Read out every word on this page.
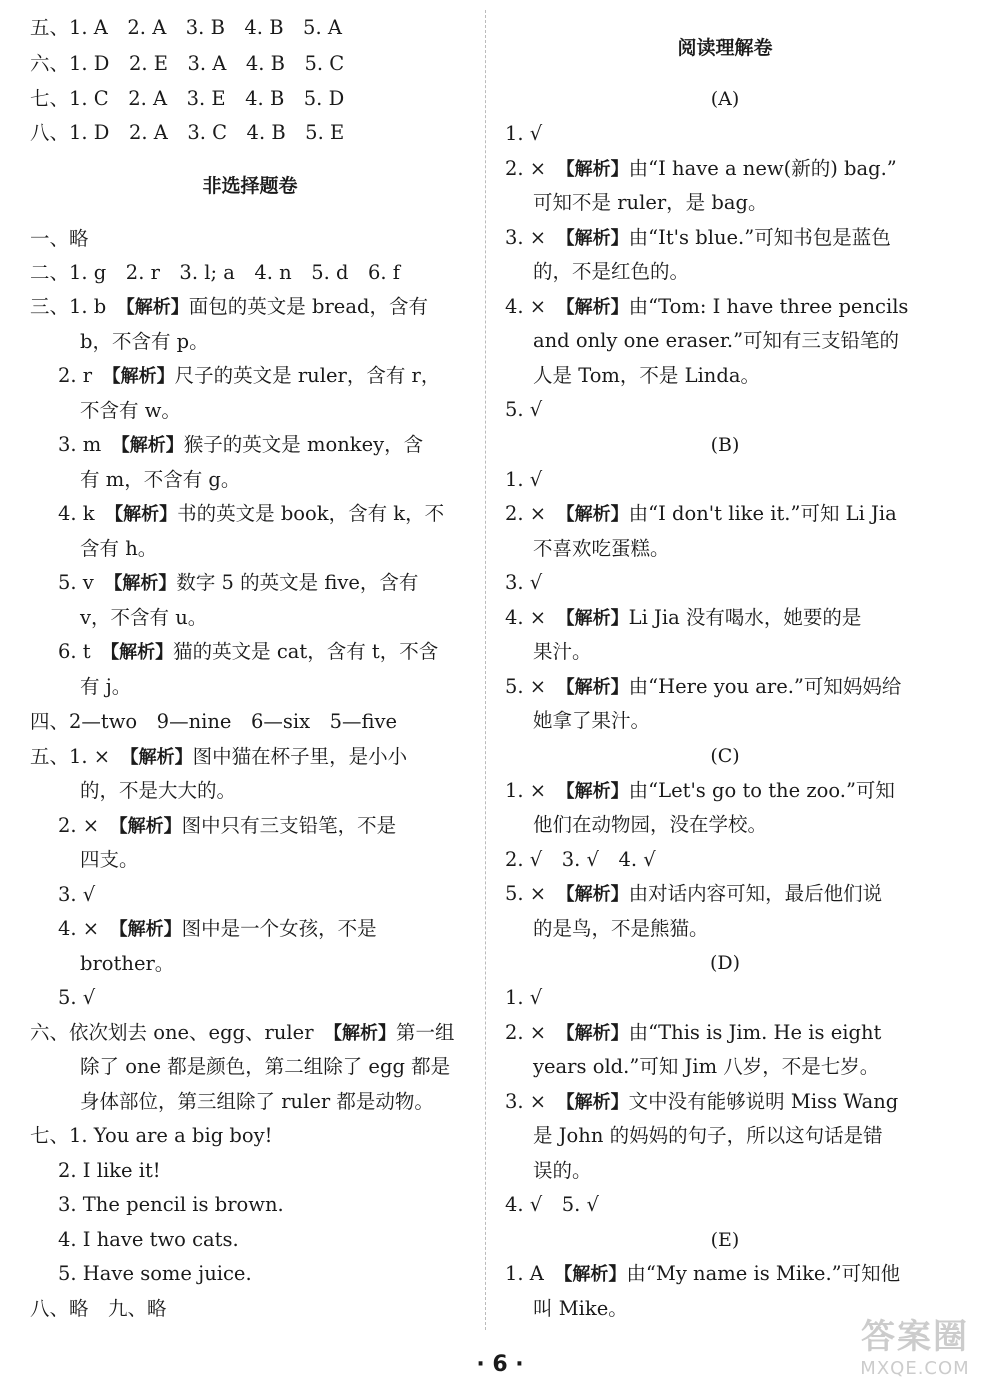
五、1. A　2. A　3. B　4. B　5. A
六、1. D　2. E　3. A　4. B　5. C
七、1. C　2. A　3. E　4. B　5. D
八、1. D　2. A　3. C　4. B　5. E
非选择题卷
一、略
二、1. g　2. r　3. l; a　4. n　5. d　6. f
三、1. b　【解析】面包的英文是 bread，含有
b，不含有 p。
2. r　【解析】尺子的英文是 ruler，含有 r，
不含有 w。
3. m　【解析】猴子的英文是 monkey，含
有 m，不含有 g。
4. k　【解析】书的英文是 book，含有 k，不
含有 h。
5. v　【解析】数字 5 的英文是 five，含有
v，不含有 u。
6. t　【解析】猫的英文是 cat，含有 t，不含
有 j。
四、2—two　9—nine　6—six　5—five
五、1. ×　【解析】图中猫在杯子里，是小小
的，不是大大的。
2. ×　【解析】图中只有三支铅笔，不是
四支。
3. √
4. ×　【解析】图中是一个女孩，不是
brother。
5. √
六、依次划去 one、egg、ruler　【解析】第一组
除了 one 都是颜色，第二组除了 egg 都是
身体部位，第三组除了 ruler 都是动物。
七、1. You are a big boy!
2. I like it!
3. The pencil is brown.
4. I have two cats.
5. Have some juice.
八、略　九、略
阅读理解卷
(A)
1. √
2. ×　【解析】由“I have a new(新的) bag.”
可知不是 ruler，是 bag。
3. ×　【解析】由“It's blue.”可知书包是蓝色
的，不是红色的。
4. ×　【解析】由“Tom: I have three pencils
and only one eraser.”可知有三支铅笔的
人是 Tom，不是 Linda。
5. √
(B)
1. √
2. ×　【解析】由“I don't like it.”可知 Li Jia
不喜欢吃蛋糕。
3. √
4. ×　【解析】Li Jia 没有喝水，她要的是
果汁。
5. ×　【解析】由“Here you are.”可知妈妈给
她拿了果汁。
(C)
1. ×　【解析】由“Let's go to the zoo.”可知
他们在动物园，没在学校。
2. √　3. √　4. √
5. ×　【解析】由对话内容可知，最后他们说
的是鸟，不是熊猫。
(D)
1. √
2. ×　【解析】由“This is Jim. He is eight
years old.”可知 Jim 八岁，不是七岁。
3. ×　【解析】文中没有能够说明 Miss Wang
是 John 的妈妈的句子，所以这句话是错
误的。
4. √　5. √
(E)
1. A　【解析】由“My name is Mike.”可知他
叫 Mike。
· 6 ·
答案圈
MXQE.COM
